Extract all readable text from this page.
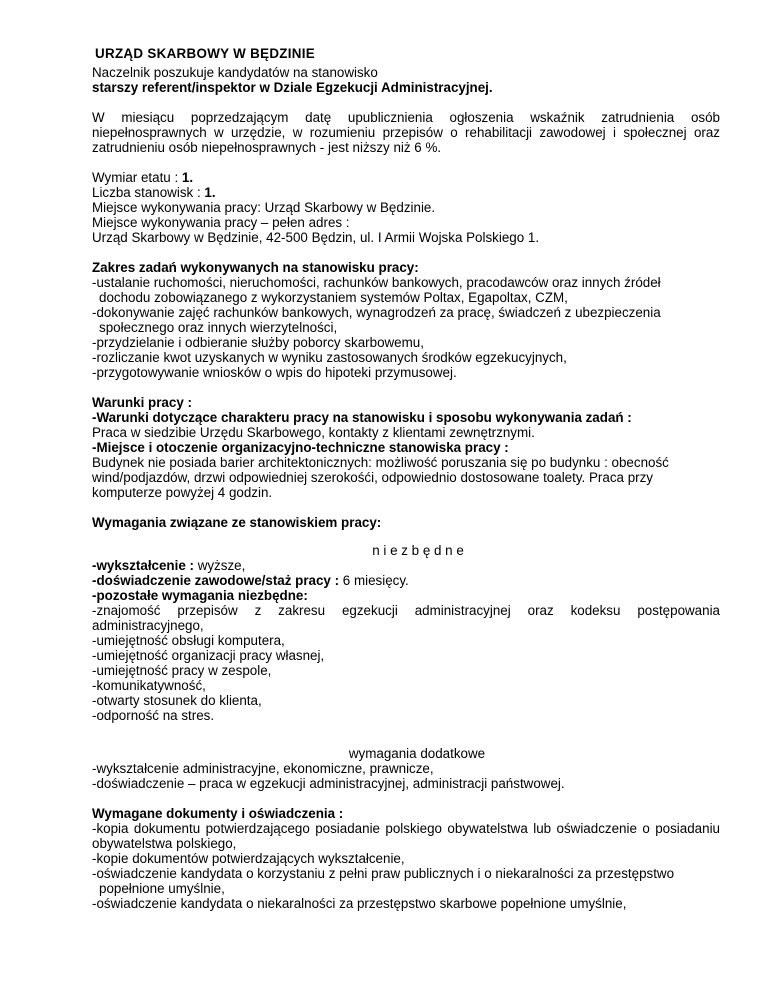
URZĄD SKARBOWY W BĘDZINIE

Naczelnik poszukuje kandydatów na stanowisko

starszy referent/inspektor w Dziale Egzekucji Administracyjnej.

W miesiącu poprzedzającym datę upublicznienia ogłoszenia wskaźnik zatrudnienia osób niepełnosprawnych w urzędzie, w rozumieniu przepisów o rehabilitacji zawodowej i społecznej oraz zatrudnieniu osób niepełnosprawnych - jest niższy niż 6 %.

Wymiar etatu : 1.

Liczba stanowisk : 1.

Miejsce wykonywania pracy: Urząd Skarbowy w Będzinie.

Miejsce wykonywania pracy – pełen adres :

Urząd Skarbowy w Będzinie, 42-500 Będzin, ul. I Armii Wojska Polskiego 1.

Zakres zadań wykonywanych na stanowisku pracy:

-ustalanie ruchomości, nieruchomości, rachunków bankowych, pracodawców oraz innych źródeł

dochodu zobowiązanego z wykorzystaniem systemów Poltax, Egapoltax, CZM,

-dokonywanie zajęć rachunków bankowych, wynagrodzeń za pracę, świadczeń z ubezpieczenia

społecznego oraz innych wierzytelności,

-przydzielanie i odbieranie służby poborcy skarbowemu,

-rozliczanie kwot uzyskanych w wyniku zastosowanych środków egzekucyjnych,

-przygotowywanie wniosków o wpis do hipoteki przymusowej.

Warunki pracy :

-Warunki dotyczące charakteru pracy na stanowisku i sposobu wykonywania zadań :

Praca w siedzibie Urzędu Skarbowego, kontakty z klientami zewnętrznymi.

-Miejsce i otoczenie organizacyjno-techniczne stanowiska pracy :

Budynek nie posiada barier architektonicznych: możliwość poruszania się po budynku : obecność

wind/podjazdów, drzwi odpowiedniej szerokośći, odpowiednio dostosowane toalety. Praca przy

komputerze powyżej 4 godzin.

Wymagania związane ze stanowiskiem pracy:

n i e z b ę d n e

-wykształcenie : wyższe,

-doświadczenie zawodowe/staż pracy : 6 miesięcy.

-pozostałe wymagania niezbędne:

-znajomość przepisów z zakresu egzekucji administracyjnej oraz kodeksu postępowania administracyjnego,

-umiejętność obsługi komputera,

-umiejętność organizacji pracy własnej,

-umiejętność pracy w zespole,

-komunikatywność,

-otwarty stosunek do klienta,

-odporność na stres.

wymagania dodatkowe

-wykształcenie administracyjne, ekonomiczne, prawnicze,

-doświadczenie – praca w egzekucji administracyjnej, administracji państwowej.

Wymagane dokumenty i oświadczenia :

-kopia dokumentu potwierdzającego posiadanie polskiego obywatelstwa lub oświadczenie o posiadaniu obywatelstwa polskiego,

-kopie dokumentów potwierdzających wykształcenie,

-oświadczenie kandydata o korzystaniu z pełni praw publicznych i o niekaralności za przestępstwo

popełnione umyślnie,

-oświadczenie kandydata o niekaralności za przestępstwo skarbowe popełnione umyślnie,
